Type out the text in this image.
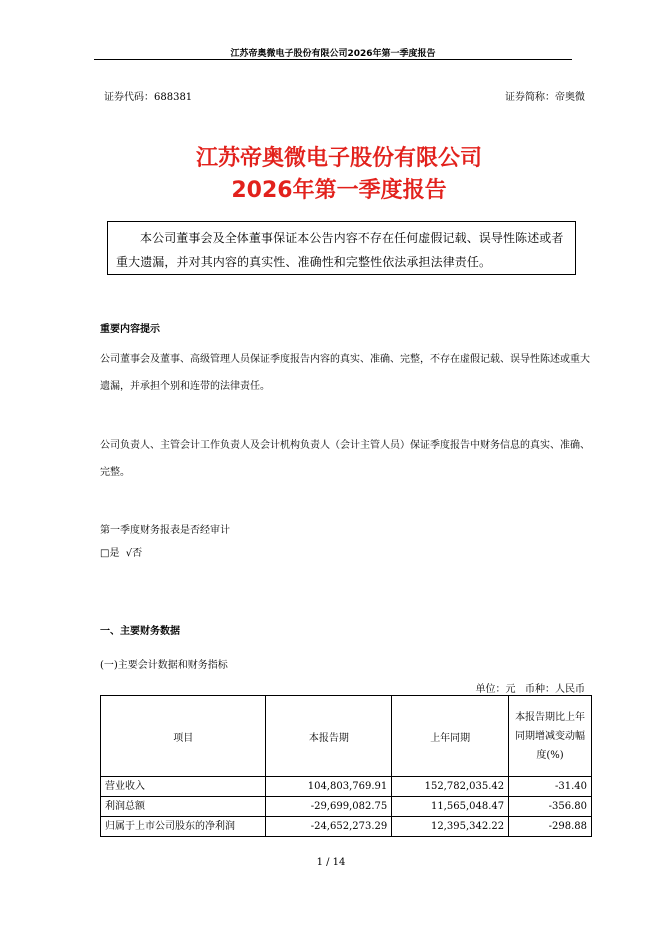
江苏帝奥微电子股份有限公司2026年第一季度报告
证券代码：688381	证券简称：帝奥微
江苏帝奥微电子股份有限公司
2026年第一季度报告

本公司董事会及全体董事保证本公告内容不存在任何虚假记载、误导性陈述或者重大遗漏，并对其内容的真实性、准确性和完整性依法承担法律责任。

重要内容提示

公司董事会及董事、高级管理人员保证季度报告内容的真实、准确、完整，不存在虚假记载、误导性陈述或重大遗漏，并承担个别和连带的法律责任。

公司负责人、主管会计工作负责人及会计机构负责人（会计主管人员）保证季度报告中财务信息的真实、准确、完整。

第一季度财务报表是否经审计
□是  √否
一、主要财务数据
(一)主要会计数据和财务指标
单位：元   币种：人民币
项目	本报告期	上年同期	本报告期比上年同期增减变动幅度(%)
营业收入	104,803,769.91	152,782,035.42	-31.40
利润总额	-29,699,082.75	11,565,048.47	-356.80
归属于上市公司股东的净利润	-24,652,273.29	12,395,342.22	-298.88
1 / 14
